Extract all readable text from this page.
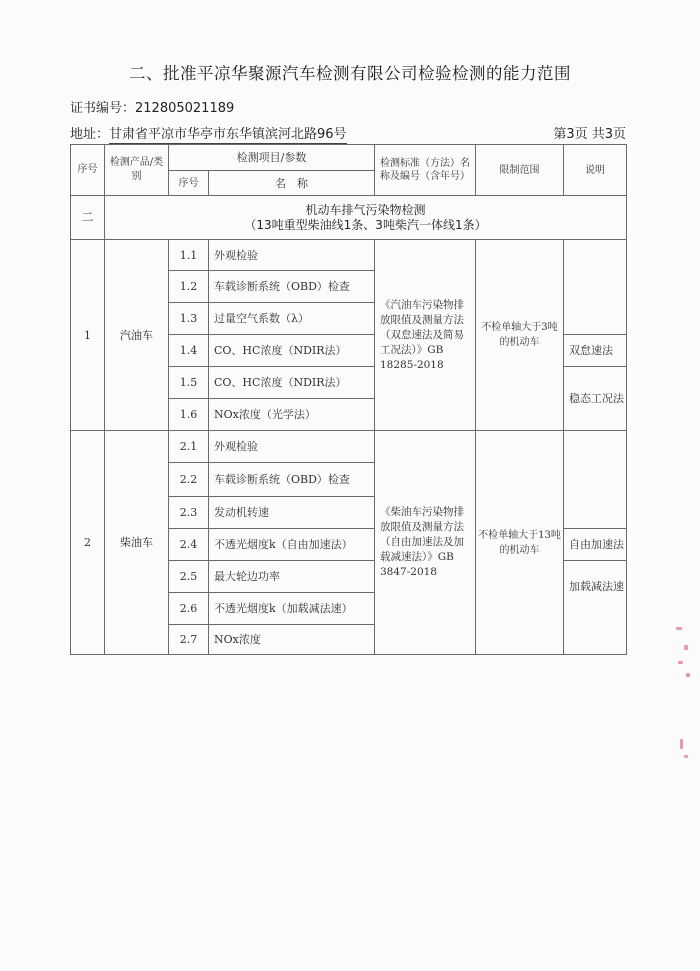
二、批准平凉华聚源汽车检测有限公司检验检测的能力范围
证书编号：212805021189
地址：甘肃省平凉市华亭市东华镇滨河北路96号	第3页 共3页
序号	检测产品/类别	检测项目/参数		检测标准（方法）名称及编号（含年号）	限制范围	说明
		序号	名　称			
二	机动车排气污染物检测
（13吨重型柴油线1条、3吨柴汽一体线1条）					

1	汽油车	1.1	外观检验	《汽油车污染物排放限值及测量方法（双怠速法及简易工况法）》GB 18285-2018	不检单轴大于3吨的机动车	
		1.2	车载诊断系统（OBD）检查			
		1.3	过量空气系数（λ）			
		1.4	CO、HC浓度（NDIR法）			双怠速法
		1.5	CO、HC浓度（NDIR法）			稳态工况法
		1.6	NOx浓度（光学法）			
2	柴油车	2.1	外观检验	《柴油车污染物排放限值及测量方法（自由加速法及加载减速法）》GB 3847-2018	不检单轴大于13吨的机动车	
		2.2	车载诊断系统（OBD）检查			
		2.3	发动机转速			
		2.4	不透光烟度k（自由加速法）			自由加速法
		2.5	最大轮边功率			加载减法速
		2.6	不透光烟度k（加载减法速）			
		2.7	NOx浓度			
